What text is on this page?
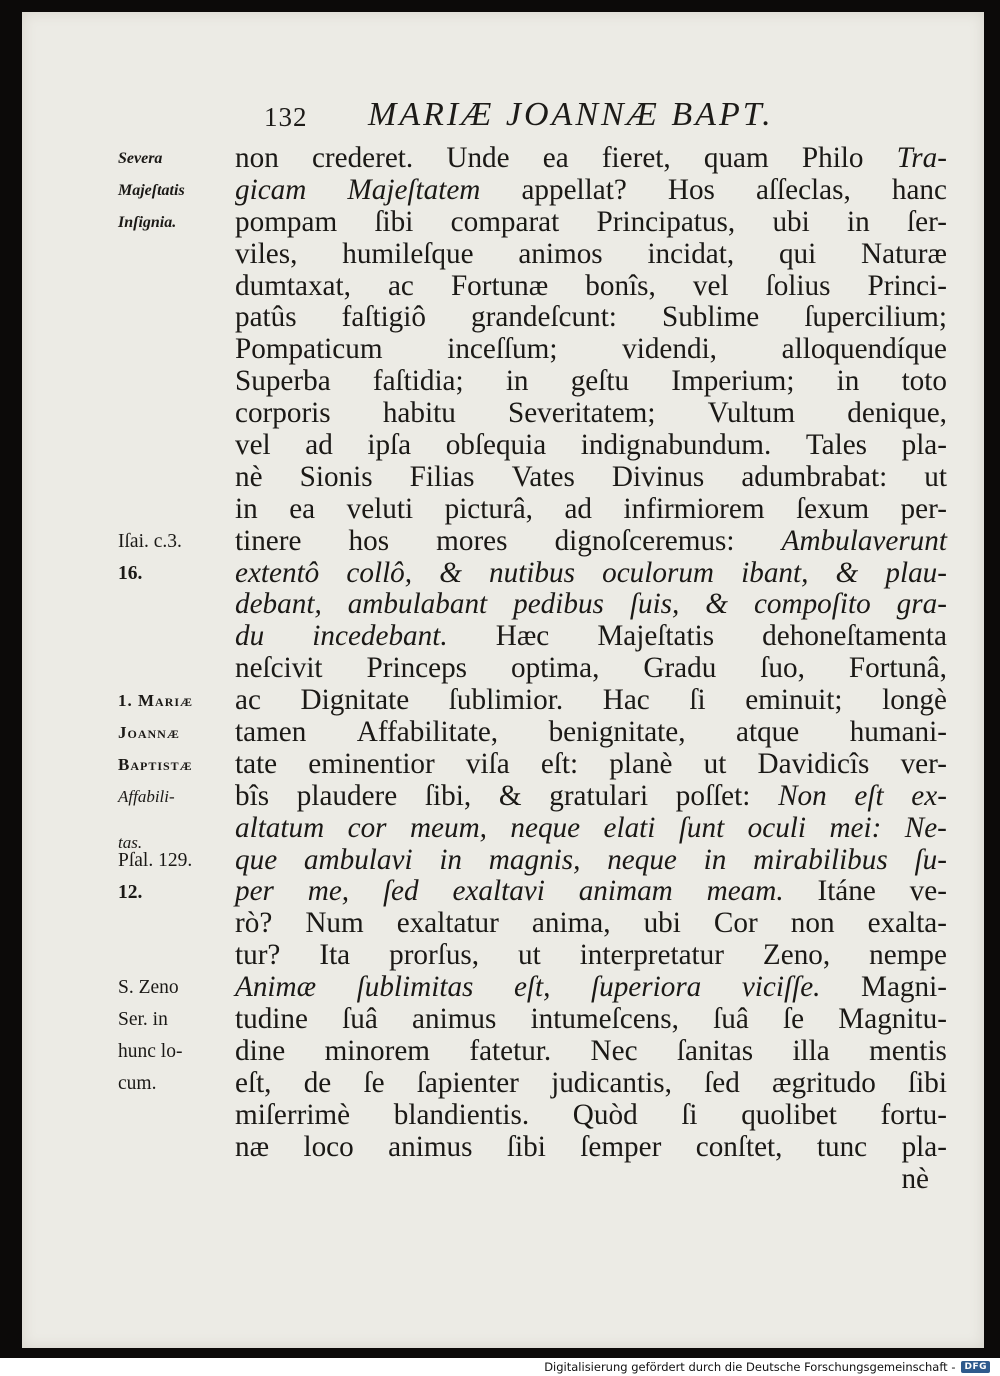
132 MARIÆ JOANNÆ BAPT.
Severa
Majeſtatis
Inſignia.
Iſai. c.3.
16.
1. Mariæ
Joannæ
Baptistæ
Affabili-
tas.
Pſal. 129.
12.
S. Zeno
Ser. in
hunc lo-
cum.
non crederet. Unde ea fieret, quam Philo Tra-
gicam Majeſtatem appellat? Hos aſſeclas, hanc
pompam ſibi comparat Principatus, ubi in ſer-
viles, humileſque animos incidat, qui Naturæ
dumtaxat, ac Fortunæ bonîs, vel ſolius Princi-
patûs faſtigiô grandeſcunt: Sublime ſupercilium;
Pompaticum inceſſum; videndi, alloquendíque
Superba faſtidia; in geſtu Imperium; in toto
corporis habitu Severitatem; Vultum denique,
vel ad ipſa obſequia indignabundum. Tales pla-
nè Sionis Filias Vates Divinus adumbrabat: ut
in ea veluti picturâ, ad infirmiorem ſexum per-
tinere hos mores dignoſceremus: Ambulaverunt
extentô collô, & nutibus oculorum ibant, & plau-
debant, ambulabant pedibus ſuis, & compoſito gra-
du incedebant. Hæc Majeſtatis dehoneſtamenta
neſcivit Princeps optima, Gradu ſuo, Fortunâ,
ac Dignitate ſublimior. Hac ſi eminuit; longè
tamen Affabilitate, benignitate, atque humani-
tate eminentior viſa eſt: planè ut Davidicîs ver-
bîs plaudere ſibi, & gratulari poſſet: Non eſt ex-
altatum cor meum, neque elati ſunt oculi mei: Ne-
que ambulavi in magnis, neque in mirabilibus ſu-
per me, ſed exaltavi animam meam. Itáne ve-
rò? Num exaltatur anima, ubi Cor non exalta-
tur? Ita prorſus, ut interpretatur Zeno, nempe
Animæ ſublimitas eſt, ſuperiora viciſſe. Magni-
tudine ſuâ animus intumeſcens, ſuâ ſe Magnitu-
dine minorem fatetur. Nec ſanitas illa mentis
eſt, de ſe ſapienter judicantis, ſed ægritudo ſibi
miſerrimè blandientis. Quòd ſi quolibet fortu-
næ loco animus ſibi ſemper conſtet, tunc pla-
nè
Digitalisierung gefördert durch die Deutsche Forschungsgemeinschaft -	DFG
